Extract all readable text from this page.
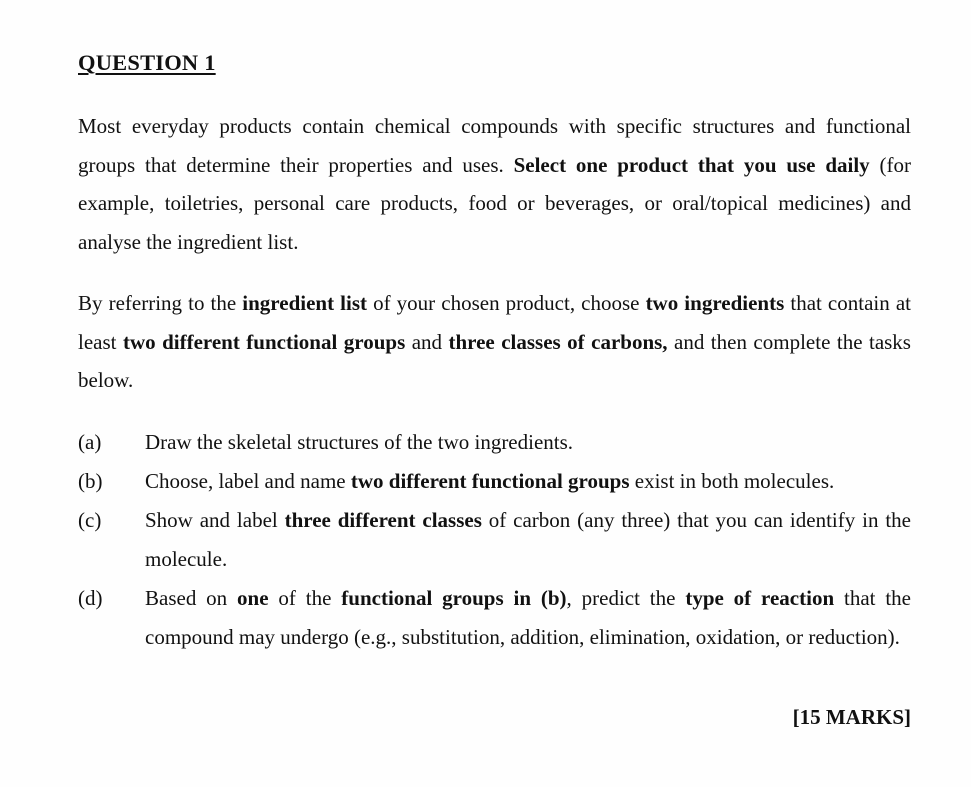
QUESTION 1

Most everyday products contain chemical compounds with specific structures and functional groups that determine their properties and uses. Select one product that you use daily (for example, toiletries, personal care products, food or beverages, or oral/topical medicines) and analyse the ingredient list.

By referring to the ingredient list of your chosen product, choose two ingredients that contain at least two different functional groups and three classes of carbons, and then complete the tasks below.

(a)	Draw the skeletal structures of the two ingredients.
(b)	Choose, label and name two different functional groups exist in both molecules.
(c)	Show and label three different classes of carbon (any three) that you can identify in the molecule.
(d)	Based on one of the functional groups in (b), predict the type of reaction that the compound may undergo (e.g., substitution, addition, elimination, oxidation, or reduction).
[15 MARKS]
